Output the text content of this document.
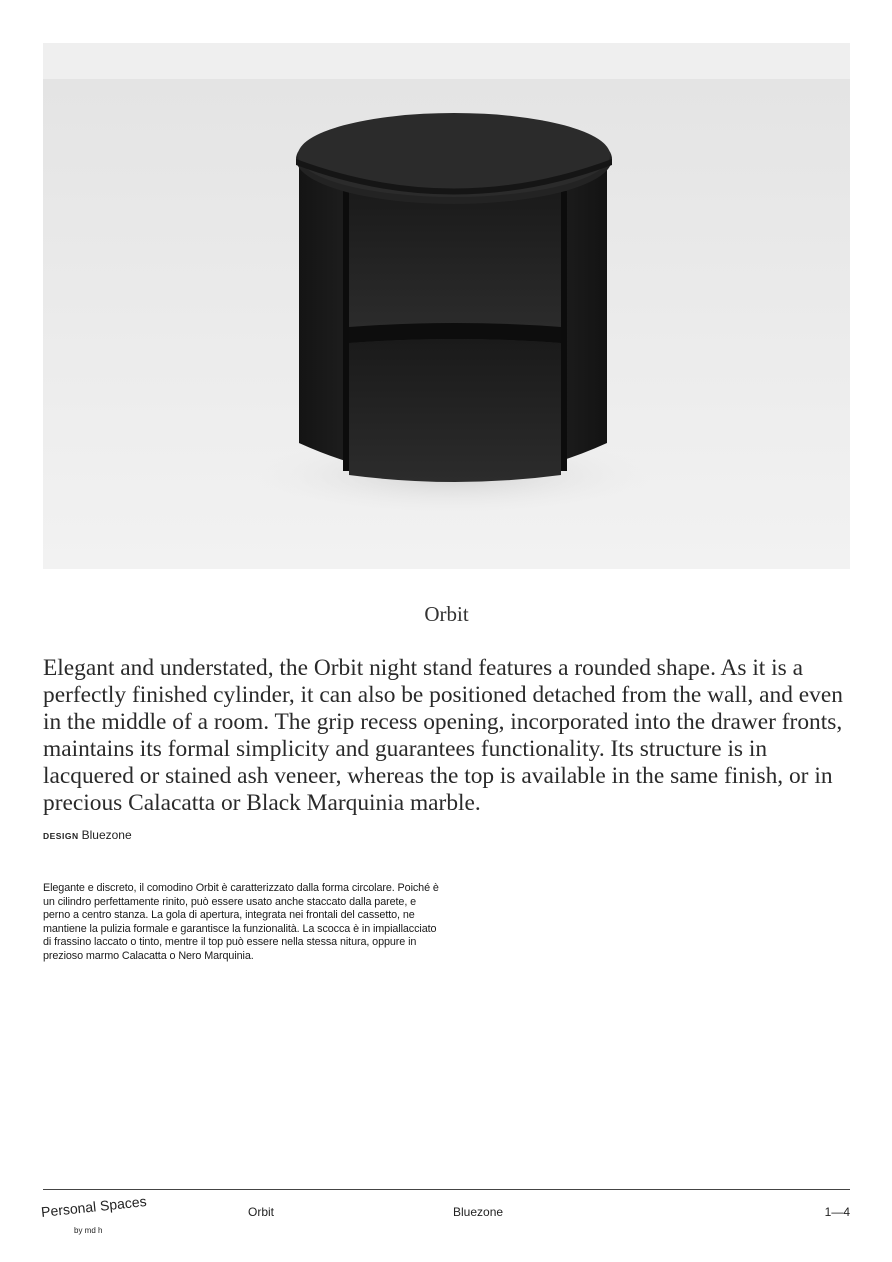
Orbit

Elegant and understated, the Orbit night stand features a rounded shape. As it is a perfectly finished cylinder, it can also be positioned detached from the wall, and even in the middle of a room. The grip recess opening, incorporated into the drawer fronts, maintains its formal simplicity and guarantees functionality. Its structure is in lacquered or stained ash veneer, whereas the top is available in the same finish, or in precious Calacatta or Black Marquinia marble.

DESIGN Bluezone

Elegante e discreto, il comodino Orbit è caratterizzato dalla forma circolare. Poiché è un cilindro perfettamente rinito, può essere usato anche staccato dalla parete, e perno a centro stanza. La gola di apertura, integrata nei frontali del cassetto, ne mantiene la pulizia formale e garantisce la funzionalità. La scocca è in impiallacciato di frassino laccato o tinto, mentre il top può essere nella stessa nitura, oppure in prezioso marmo Calacatta o Nero Marquinia.

Personal Spaces
by md h
Orbit	Bluezone	1—4
